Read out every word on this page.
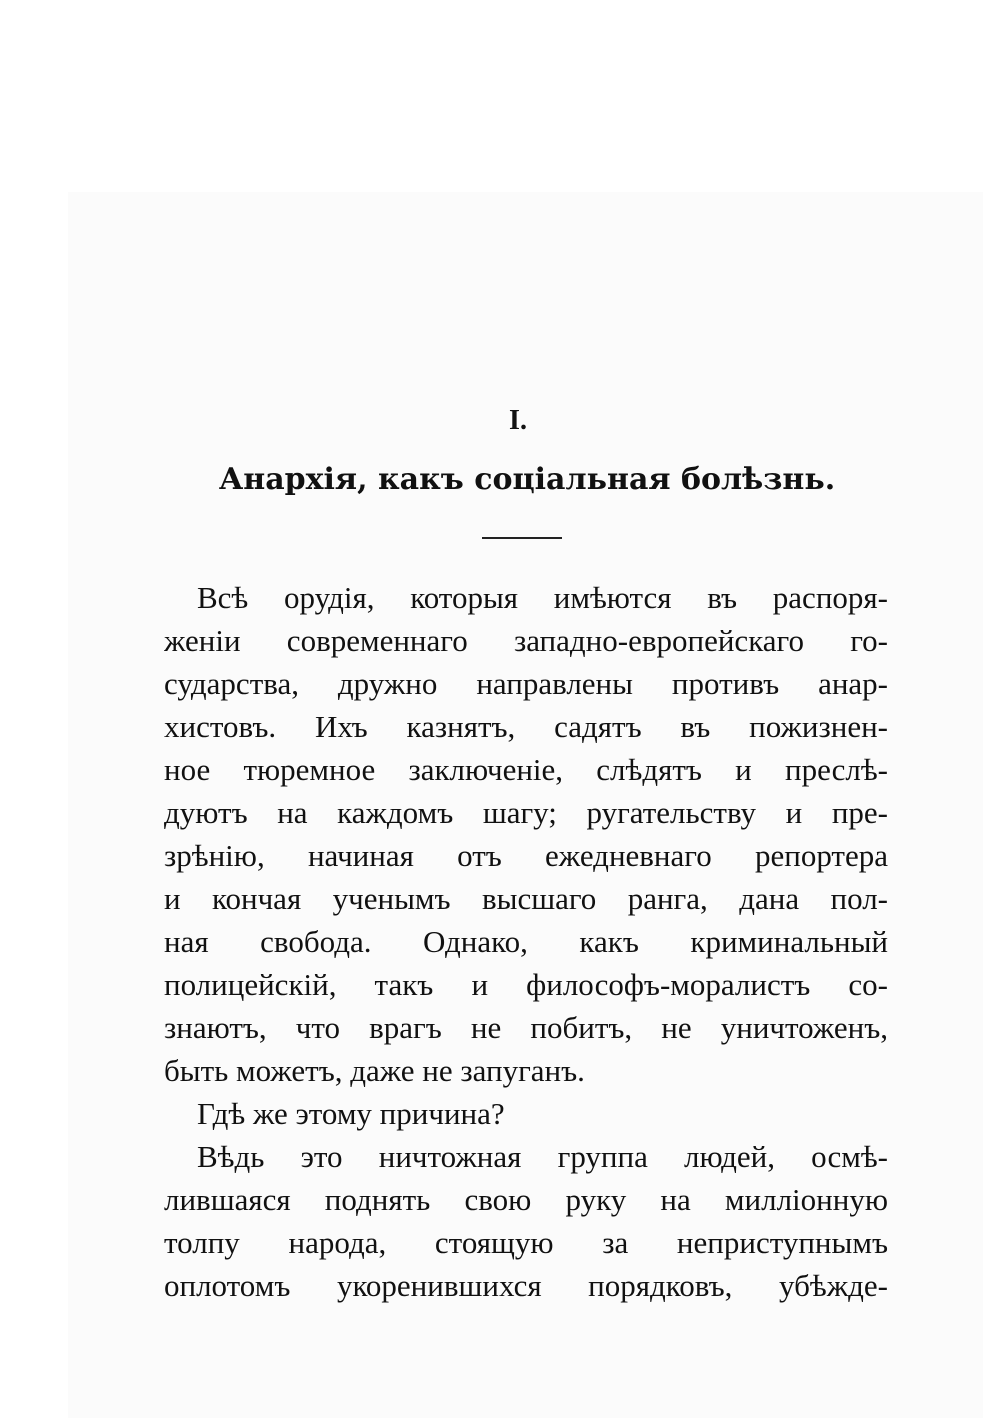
I.
Анархія, какъ соціальная болѣзнь.
Всѣ орудія, которыя имѣются въ распоря-
женіи современнаго западно-европейскаго го-
сударства, дружно направлены противъ анар-
хистовъ. Ихъ казнятъ, садятъ въ пожизнен-
ное тюремное заключеніе, слѣдятъ и преслѣ-
дуютъ на каждомъ шагу; ругательству и пре-
зрѣнію, начиная отъ ежедневнаго репортера
и кончая ученымъ высшаго ранга, дана пол-
ная свобода. Однако, какъ криминальный
полицейскій, такъ и философъ-моралистъ со-
знаютъ, что врагъ не побитъ, не уничтоженъ,
быть можетъ, даже не запуганъ.
Гдѣ же этому причина?
Вѣдь это ничтожная группа людей, осмѣ-
лившаяся поднять свою руку на милліонную
толпу народа, стоящую за неприступнымъ
оплотомъ укоренившихся порядковъ, убѣжде-
